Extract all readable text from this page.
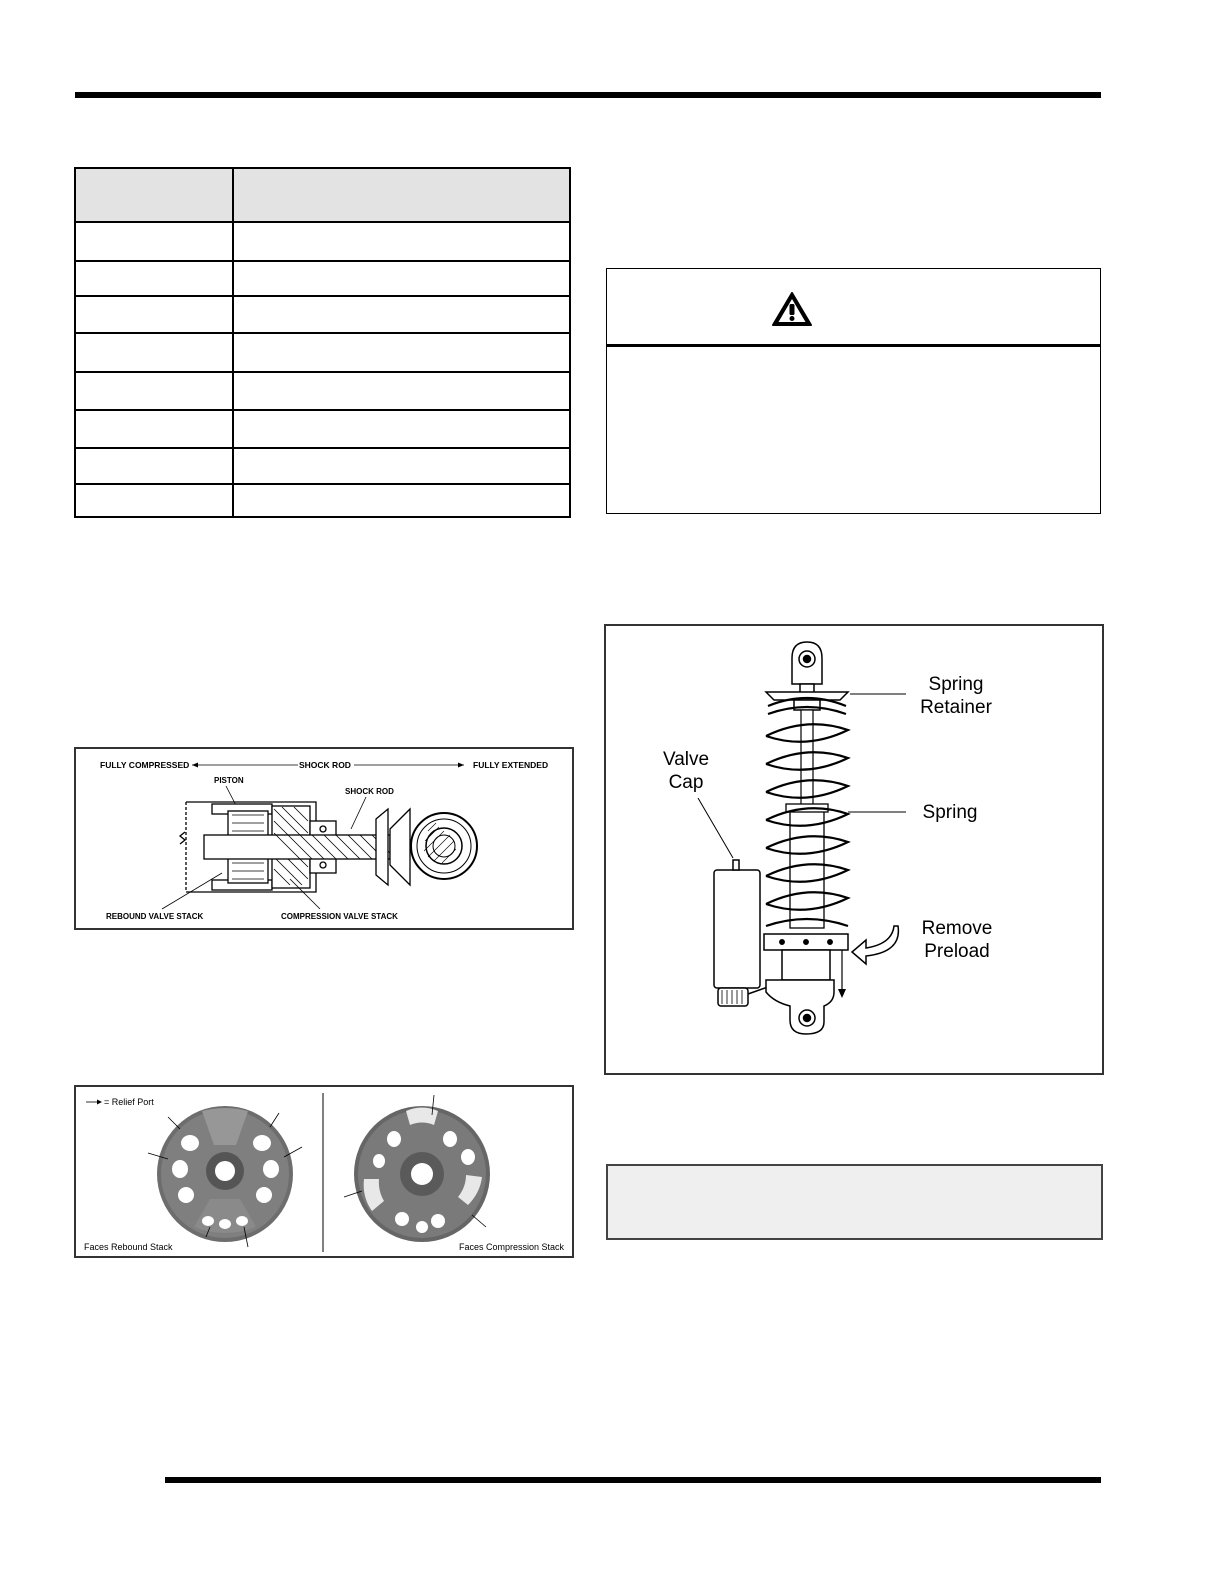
FULLY COMPRESSED	SHOCK ROD	FULLY EXTENDED
PISTON
SHOCK ROD
REBOUND VALVE STACK	COMPRESSION VALVE STACK
= Relief Port
Faces Rebound Stack	Faces Compression Stack
Spring
Retainer
Valve
Cap
Spring
Remove
Preload
